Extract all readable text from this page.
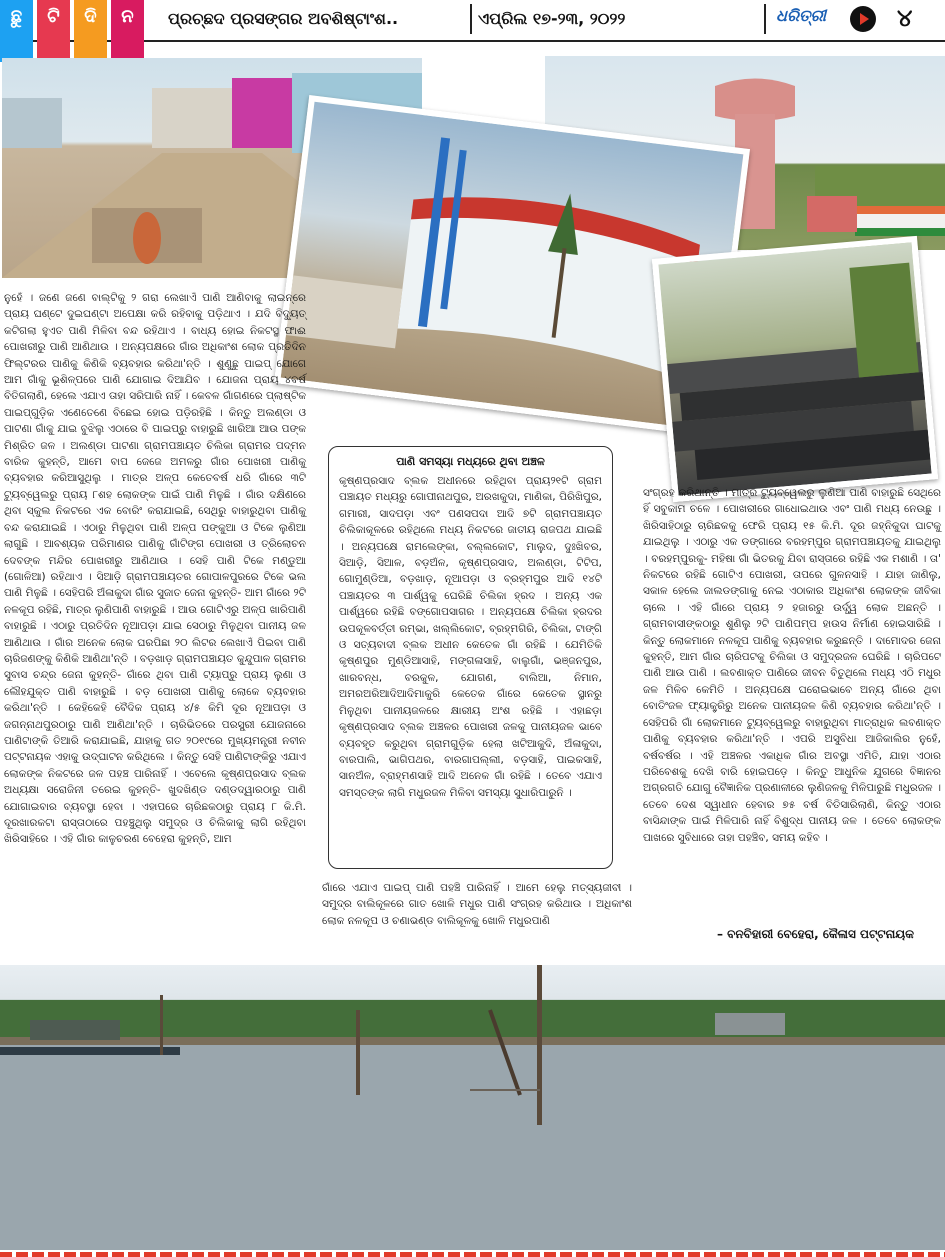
ଛୁ	ଟି	ଦି	ନ	ପ୍ରଚ୍ଛଦ ପ୍ରସଙ୍ଗର ଅବଶିଷ୍ଟାଂଶ..	ଏପ୍ରିଲ ୧୭-୨୩, ୨୦୨୨	ଧରିତ୍ରୀ	୪
ନୁହେଁ । ଜଣେ ଜଣେ ବାଲ୍ଟିକୁ ୨ ଗରା ଲେଖାଏଁ ପାଣି ଆଣିବାକୁ ଲାଇନ୍‌ରେ ପ୍ରାୟ ଘଣ୍ଟେ ଦୁଇଘଣ୍ଟା ଅପେକ୍ଷା କରି ରହିବାକୁ ପଡ଼ିଥାଏ । ଯଦି ବିଦ୍ୟୁତ୍ କଟିଗଲା ହୁଏତ ପାଣି ମିଳିବା ବନ୍ଦ ରହିଥାଏ । ବାଧ୍ୟ ହୋଇ ନିକଟସ୍ଥ ଫାଈ ପୋଖରୀରୁ ପାଣି ଆଣିଥାଉ । ଅନ୍ୟପକ୍ଷରେ ଗାଁର ଅଧିକାଂଶ ଲୋକ ପ୍ରତିଦିନ ଫିଲ୍ଟରର ପାଣିକୁ କିଣିକି ବ୍ୟବହାର କରିଥା'ନ୍ତି । ଶୁଣୁଛୁ ପାଇପ୍ ଯୋଗେ ଆମ ଗାଁକୁ ଭୂଶିଳ୍ପରେ ପାଣି ଯୋଗାଇ ଦିଆଯିବ । ଯୋଜନା ପ୍ରାୟ ୪ବର୍ଷ ବିତିଗଲାଣି, ହେଲେ ଏଯାଏ ତାହା ସରିପାରି ନାହିଁ । କେବଳ ଗାଁଗଣରେ ପ୍ଲାଷ୍ଟିକ ପାଇପ୍ଗୁଡ଼ିକ ଏଣେତେଣେ ବିଛେଇ ହୋଇ ପଡ଼ିରହିଛି । କିନ୍ତୁ ଅଲଣ୍ଡା ଓ ପାଟଣା ଗାଁକୁ ଯାଇ ବୁଝିଲୁ ଏଠାରେ ବି ପାଇପ୍‌ରୁ ବାହାରୁଛି ଖାରିଆ ଆଉ ପଙ୍କ ମିଶ୍ରିତ ଜଳ । ଅଲଣ୍ଡା ପାଟଣା ଗ୍ରାମପଞ୍ଚାୟତ ଚିଲିକା ଗ୍ରାମର ପଦ୍ମନ ବାରିକ କୁହନ୍ତି, ଆମେ ବାପ ଜେଜେ ଅମଳରୁ ଗାଁର ପୋଖରୀ ପାଣିକୁ ବ୍ୟବହାର କରିଆସୁଥିଲୁ । ମାତ୍ର ଅଳ୍ପ କେତେବର୍ଷ ଧରି ଗାଁରେ ୩ଟି ଟ୍ୟୁବ୍‌ୱେଲରୁ ପ୍ରାୟ ୮ଶହ ଲୋକଙ୍କ ପାଇଁ ପାଣି ମିଳୁଛି । ଗାଁର ଦକ୍ଷିଣରେ ଥିବା ସ୍କୁଲ ନିକଟରେ ଏକ ବୋରିଂ କରାଯାଇଛି, ସେଥିରୁ ବାହାରୁଥିବା ପାଣିକୁ ବନ୍ଦ କରାଯାଇଛି । ଏଠାରୁ ମିଳୁଥିବା ପାଣି ଅଳ୍ପ ପଙ୍କୁଆ ଓ ଟିକେ ଲୁଣିଆ ଲାଗୁଛି । ଆବଶ୍ୟକ ପରିମାଣର ପାଣିକୁ ଗାଁଟିଙ୍ଗ ପୋଖରୀ ଓ ତ୍ରିଲୋଚନ ଦେବଙ୍କ ମନ୍ଦିର ପୋଖରୀରୁ ଆଣିଥାଉ । ସେହି ପାଣି ଟିକେ ମଣ୍ଡୁଆ (ଗୋଳିଆ) ରହିଥାଏ । ସିଆଡ଼ି ଗ୍ରାମପଞ୍ଚାୟତର ଗୋପାଳପୁରରେ ଟିକେ ଭଲ ପାଣି ମିଳୁଛି । ସେହିପରି ଅଁଳାକୁଦା ଗାଁର ସୁଜାତ ଜେନା କୁହନ୍ତି- ଆମ ଗାଁରେ ୨ଟି ନଳକୂପ ରହିଛି, ମାତ୍ର ଲୁଣିପାଣି ବାହାରୁଛି । ଆଉ ଗୋଟିଏରୁ ଅଳ୍ପ ଖାରିପାଣି ବାହାରୁଛି । ଏଠାରୁ ପ୍ରତିଦିନ ନୂଆପଡ଼ା ଯାଇ ସେଠାରୁ ମିଳୁଥିବା ପାନୀୟ ଜଳ ଆଣିଥାଉ । ଗାଁର ଅନେକ ଲୋକ ଘରପିଛା ୨୦ ଲିଟର ଲେଖାଏଁ ପିଇବା ପାଣି ଚାରିଜଣଙ୍କୁ କିଣିକି ଆଣିଥା'ନ୍ତି । ବଡ଼ଖାଡ଼ ଗ୍ରାମପଞ୍ଚାୟତ କୁନ୍ଦୁପାଳ ଗ୍ରାମର ସୁବାସ ଚନ୍ଦ୍ର ଜେନା କୁହନ୍ତି- ଗାଁରେ ଥିବା ପାଣି ଟ୍ୟାପ୍‌ରୁ ପ୍ରାୟ ଲୁଣା ଓ ଲୌହଯୁକ୍ତ ପାଣି ବାହାରୁଛି । ବଡ଼ ପୋଖରୀ ପାଣିକୁ ଲୋକେ ବ୍ୟବହାର କରିଥା'ନ୍ତି । କେହିକେହି ବୈଦିକ ପ୍ରାୟ ୪/୫ କିମି ଦୂର ନୂଆପଡ଼ା ଓ ଜଗନ୍ନାଥପୁରଠାରୁ ପାଣି ଆଣିଥା'ନ୍ତି । ଚାରିଭିତରେ ପରସ୍ପ୍ରୀ ଯୋଜନାରେ ପାଣିଟାଙ୍କି ତିଆରି କରାଯାଇଛି, ଯାହାକୁ ଗତ ୨୦୧୯ରେ ମୁଖ୍ୟମନ୍ତ୍ରୀ ନବୀନ ପଟ୍ଟନାୟକ ଏହାକୁ ଉଦ୍‌ଘାଟନ କରିଥିଲେ । କିନ୍ତୁ ସେହି ପାଣିଟାଙ୍କିରୁ ଏଯାଏ ଲୋକଙ୍କ ନିକଟରେ ଜଳ ପହଞ୍ଚ ପାରିନାହିଁ । ଏବେଲେ କୃଷ୍ଣପ୍ରସାଦ ବ୍ଲକ ଅଧ୍ୟକ୍ଷା ସରୋଜିନୀ ତରେଇ କୁହନ୍ତି- ଖୁଦଖିଣ୍ଡ ଦଣ୍ଡଦ୍ୱାରଠାରୁ ପାଣି ଯୋଗାଇବାର ବ୍ୟବସ୍ଥା ହେବା । ଏହାପରେ ଚାରିଛକଠାରୁ ପ୍ରାୟ ୮ କି.ମି. ଦୂରଖାରକଟା ରାସ୍ତାଠାରେ ପହଞ୍ଚୁଥିଲୁ ସମୁଦ୍ର ଓ ଚିଲିକାକୁ ଲାଗି ରହିଥିବା ଖିରିସାହିରେ । ଏହି ଗାଁର କାଳୁଚରଣ ବେହେରା କୁହନ୍ତି, ଆମ
ପାଣି ସମସ୍ୟା ମଧ୍ୟରେ ଥିବା ଅଞ୍ଚଳ
କୃଷ୍ଣପ୍ରସାଦ ବ୍ଲକ ଅଧୀନରେ ରହିଥିବା ପ୍ରାୟ୨୧ଟି ଗ୍ରାମ ପଞ୍ଚାୟତ ମଧ୍ୟରୁ ଗୋପୀନାଥପୁର, ଅରଖକୁଦା, ମାଣିକା, ପିରିଖିପୁର, ଗମାରୀ, ସାଦପଡ଼ା ଏବଂ ପଣସପଦା ଆଦି ୭ଟି ଗ୍ରାମପଞ୍ଚାୟତ ଚିଲିକାକୂଳରେ ରହିଥିଲେ ମଧ୍ୟ ନିକଟରେ ଜାତୀୟ ରାଜପଥ ଯାଇଛି । ଅନ୍ୟପକ୍ଷେ ରାମଲେଙ୍କା, ବଲ୍ଲକୋଟ, ମାଲୁଦ, ଦୁଃଖିବର, ସିଆଡ଼ି, ସିଆଳ, ବଡ଼ଅଁଳ, କୃଷ୍ଣପ୍ରସାଦ, ଅଲଣ୍ଡା, ଟିଟିପ, ଗୋମୁଣ୍ଡିଆ, ବଡ଼ଖାଡ଼, ନୂଆପଡ଼ା ଓ ବ୍ରହ୍ମପୁର ଆଦି ୧୪ଟି ପଞ୍ଚାୟତର ୩ ପାର୍ଶ୍ୱକୁ ଘେରିଛି ଚିଲିକା ହ୍ରଦ । ଅନ୍ୟ ଏକ ପାର୍ଶ୍ୱରେ ରହିଛି ବଙ୍ଗୋପସାଗର । ଅନ୍ୟପକ୍ଷେ ଚିଲିକା ହ୍ରଦର ଉପକୂଳବର୍ତ୍ତୀ ରମ୍ଭା, ଖଲ୍ଲିକୋଟ, ବ୍ରହ୍ମଗିରି, ଚିଲିକା, ଟାଙ୍ଗି ଓ ସତ୍ୟବାଦୀ ବ୍ଲକ ଅଧୀନ କେତେକ ଗାଁ ରହିଛି । ଯେମିତିକି କୃଷ୍ଣପୁର ମୁଣ୍ଡିଆସାହି, ମଙ୍ଗଳାସାହି, ବାଲୁଗାଁ, ଭଞ୍ଜନପୁର, ଖାରବନ୍ଧ, ବରକୁଳ, ଯୋଗଣ, ବାଲିଆ, ନିମାନ, ଅମରଅରିଆଦିଆଦିମାକୁରି କେତେକ ଗାଁରେ କେତେକ ସ୍ଥାନରୁ ମିଳୁଥିବା ପାନୀୟଜଳରେ କ୍ଷାରୀୟ ଅଂଶ ରହିଛି । ଏହାଛଡ଼ା କୃଷ୍ଣପ୍ରସାଦ ବ୍ଲକ ଅଞ୍ଚଳର ପୋଖରୀ ଜଳକୁ ପାନୀୟଜଳ ଭାବେ ବ୍ୟବହୃତ କରୁଥିବା ଗ୍ରାମଗୁଡ଼ିକ ହେଲା ଖଟିଆକୁଦି, ଅଁଳାକୁଦା, ବାରପାଲି, ଭାଗିପଥର, ବାରଗାପଲ୍ଲୀ, ବଡ଼ସାହି, ପାଇକସାହି, ସାନଅଁଳ, ବ୍ରାହ୍ମଣସାହି ଆଦି ଅନେକ ଗାଁ ରହିଛି । ତେବେ ଏଯାଏ ସମସ୍ତଙ୍କ ଲାଗି ମଧୁରଜଳ ମିଳିବା ସମସ୍ୟା ସୁଧାରିପାରୁନି ।
ଗାଁରେ ଏଯାଏ ପାଇପ୍ ପାଣି ପହଞ୍ଚି ପାରିନାହିଁ । ଆମେ ହେଲୁ ମତ୍ସ୍ୟଜୀବୀ । ସମୁଦ୍ର ବାଲିକୂଳରେ ଗାତ ଖୋଳି ମଧୁର ପାଣି ସଂଗ୍ରହ କରିଥାଉ । ଅଧିକାଂଶ ଲୋକ ନଳକୂପ ଓ ଚଣାଭଣ୍ଡ ବାଲିକୂଳକୁ ଖୋଳି ମଧୁରପାଣି
ସଂଗ୍ରହ କରିଥାନ୍ତି । ମାତ୍ର ଟ୍ୟୁବ୍‌ୱେଲରୁ ଲୁଣିଆ ପାଣି ବାହାରୁଛି ସେଥିରେ ହିଁ ସବୁକାମ ଚଳେ । ପୋଖରୀରେ ଗାଧୋଇଥାଉ ଏବଂ ପାଣି ମଧ୍ୟ ନେଉଛୁ । ଖିରିସାହିଠାରୁ ଚାରିଛକକୁ ଫେରି ପ୍ରାୟ ୧୫ କି.ମି. ଦୂର ଜହ୍ନିକୁଦା ଘାଟକୁ ଯାଇଥିଲୁ । ଏଠାରୁ ଏକ ଡଙ୍ଗାରେ ବରହମ୍ପୁର ଗ୍ରାମପଞ୍ଚାୟତକୁ ଯାଇଥିଲୁ । ବରହମ୍ପୁରକୁ- ମହିଷା ଗାଁ ଭିତରକୁ ଯିବା ରାସ୍ତାରେ ରହିଛି ଏକ ମଶାଣି । ତା' ନିକଟରେ ରହିଛି ଗୋଟିଏ ପୋଖରୀ, ତାପରେ ଗୁଳନସାହି । ଯାହା ଜାଣିଲୁ, ସକାଳ ହେଲେ ଜାଲଡଙ୍ଗାକୁ ନେଇ ଏଠାକାର ଅଧିକାଂଶ ଲୋକଙ୍କ ଜୀବିକା ଚାଲେ । ଏହି ଗାଁରେ ପ୍ରାୟ ୨ ହଜାରରୁ ଉର୍ଦ୍ଧ୍ୱ ଲୋକ ଅଛନ୍ତି । ଗ୍ରାମବାସୀଙ୍କଠାରୁ ଶୁଣିଲୁ ୨ଟି ପାଣିପମ୍ପ ହାଉସ ନିର୍ମାଣ ହୋଇସାରିଛି । କିନ୍ତୁ ଲୋକମାନେ ନଳକୂପ ପାଣିକୁ ବ୍ୟବହାର କରୁଛନ୍ତି । ଦାମୋଦର ଜେନା କୁହନ୍ତି, ଆମ ଗାଁର ଚାରିପଟକୁ ଚିଲିକା ଓ ସମୁଦ୍ରଜଳ ଘେରିଛି । ଚାରିପଟେ ପାଣି ଆଉ ପାଣି । ଲବଣାକ୍ତ ପାଣିରେ ଜୀବନ ବିତୁଥିଲେ ମଧ୍ୟ ଏଠି ମଧୁର ଜଳ ମିଳିବ କେମିତି । ଅନ୍ୟପକ୍ଷେ ଘରୋଇଭାବେ ଅନ୍ୟ ଗାଁରେ ଥିବା ବୋତିଂଜଳ ଫ୍ୟାକ୍ଟ୍ରିରୁ ଅନେକ ପାନୀୟଜଳ କିଣି ବ୍ୟବହାର କରିଥା'ନ୍ତି । ସେହିପରି ଗାଁ ଲୋକମାନେ ଟ୍ୟୁବ୍‌ୱେଲରୁ ବାହାରୁଥିବା ମାତ୍ରାଧିକ ଲବଣାକ୍ତ ପାଣିକୁ ବ୍ୟବହାର କରିଥା'ନ୍ତି । ଏପରି ଅସୁବିଧା ଆଜିକାଲିର ନୁହେଁ, ବର୍ଷବର୍ଷର । ଏହି ଅଞ୍ଚଳର ଏକାଧିକ ଗାଁର ଅବସ୍ଥା ଏମିତି, ଯାହା ଏଠାର ପରିବେଶକୁ ଦେଖି ବାରି ହୋଇପଡ଼େ । କିନ୍ତୁ ଆଧୁନିକ ଯୁଗରେ ବିଜ୍ଞାନର ଅଗ୍ରଗତି ଯୋଗୁ ବୈଜ୍ଞାନିକ ପ୍ରଣାଳୀରେ ଲୁଣିଜଳକୁ ମିଳିପାରୁଛି ମଧୁରଜଳ । ତେବେ ଦେଶ ସ୍ୱାଧୀନ ହେବାର ୭୫ ବର୍ଷ ବିତିସାରିଲାଣି, କିନ୍ତୁ ଏଠାର ବାସିନ୍ଦାଙ୍କ ପାଇଁ ମିଳିପାରି ନାହିଁ ବିଶୁଦ୍ଧ ପାନୀୟ ଜଳ । ତେବେ ଲୋକଙ୍କ ପାଖରେ ସୁବିଧାରେ ତାହା ପହଞ୍ଚିବ, ସମୟ କହିବ ।
– ବନବିହାରୀ ବେହେରା, କୈଳାସ ପଟ୍ଟନାୟକ
